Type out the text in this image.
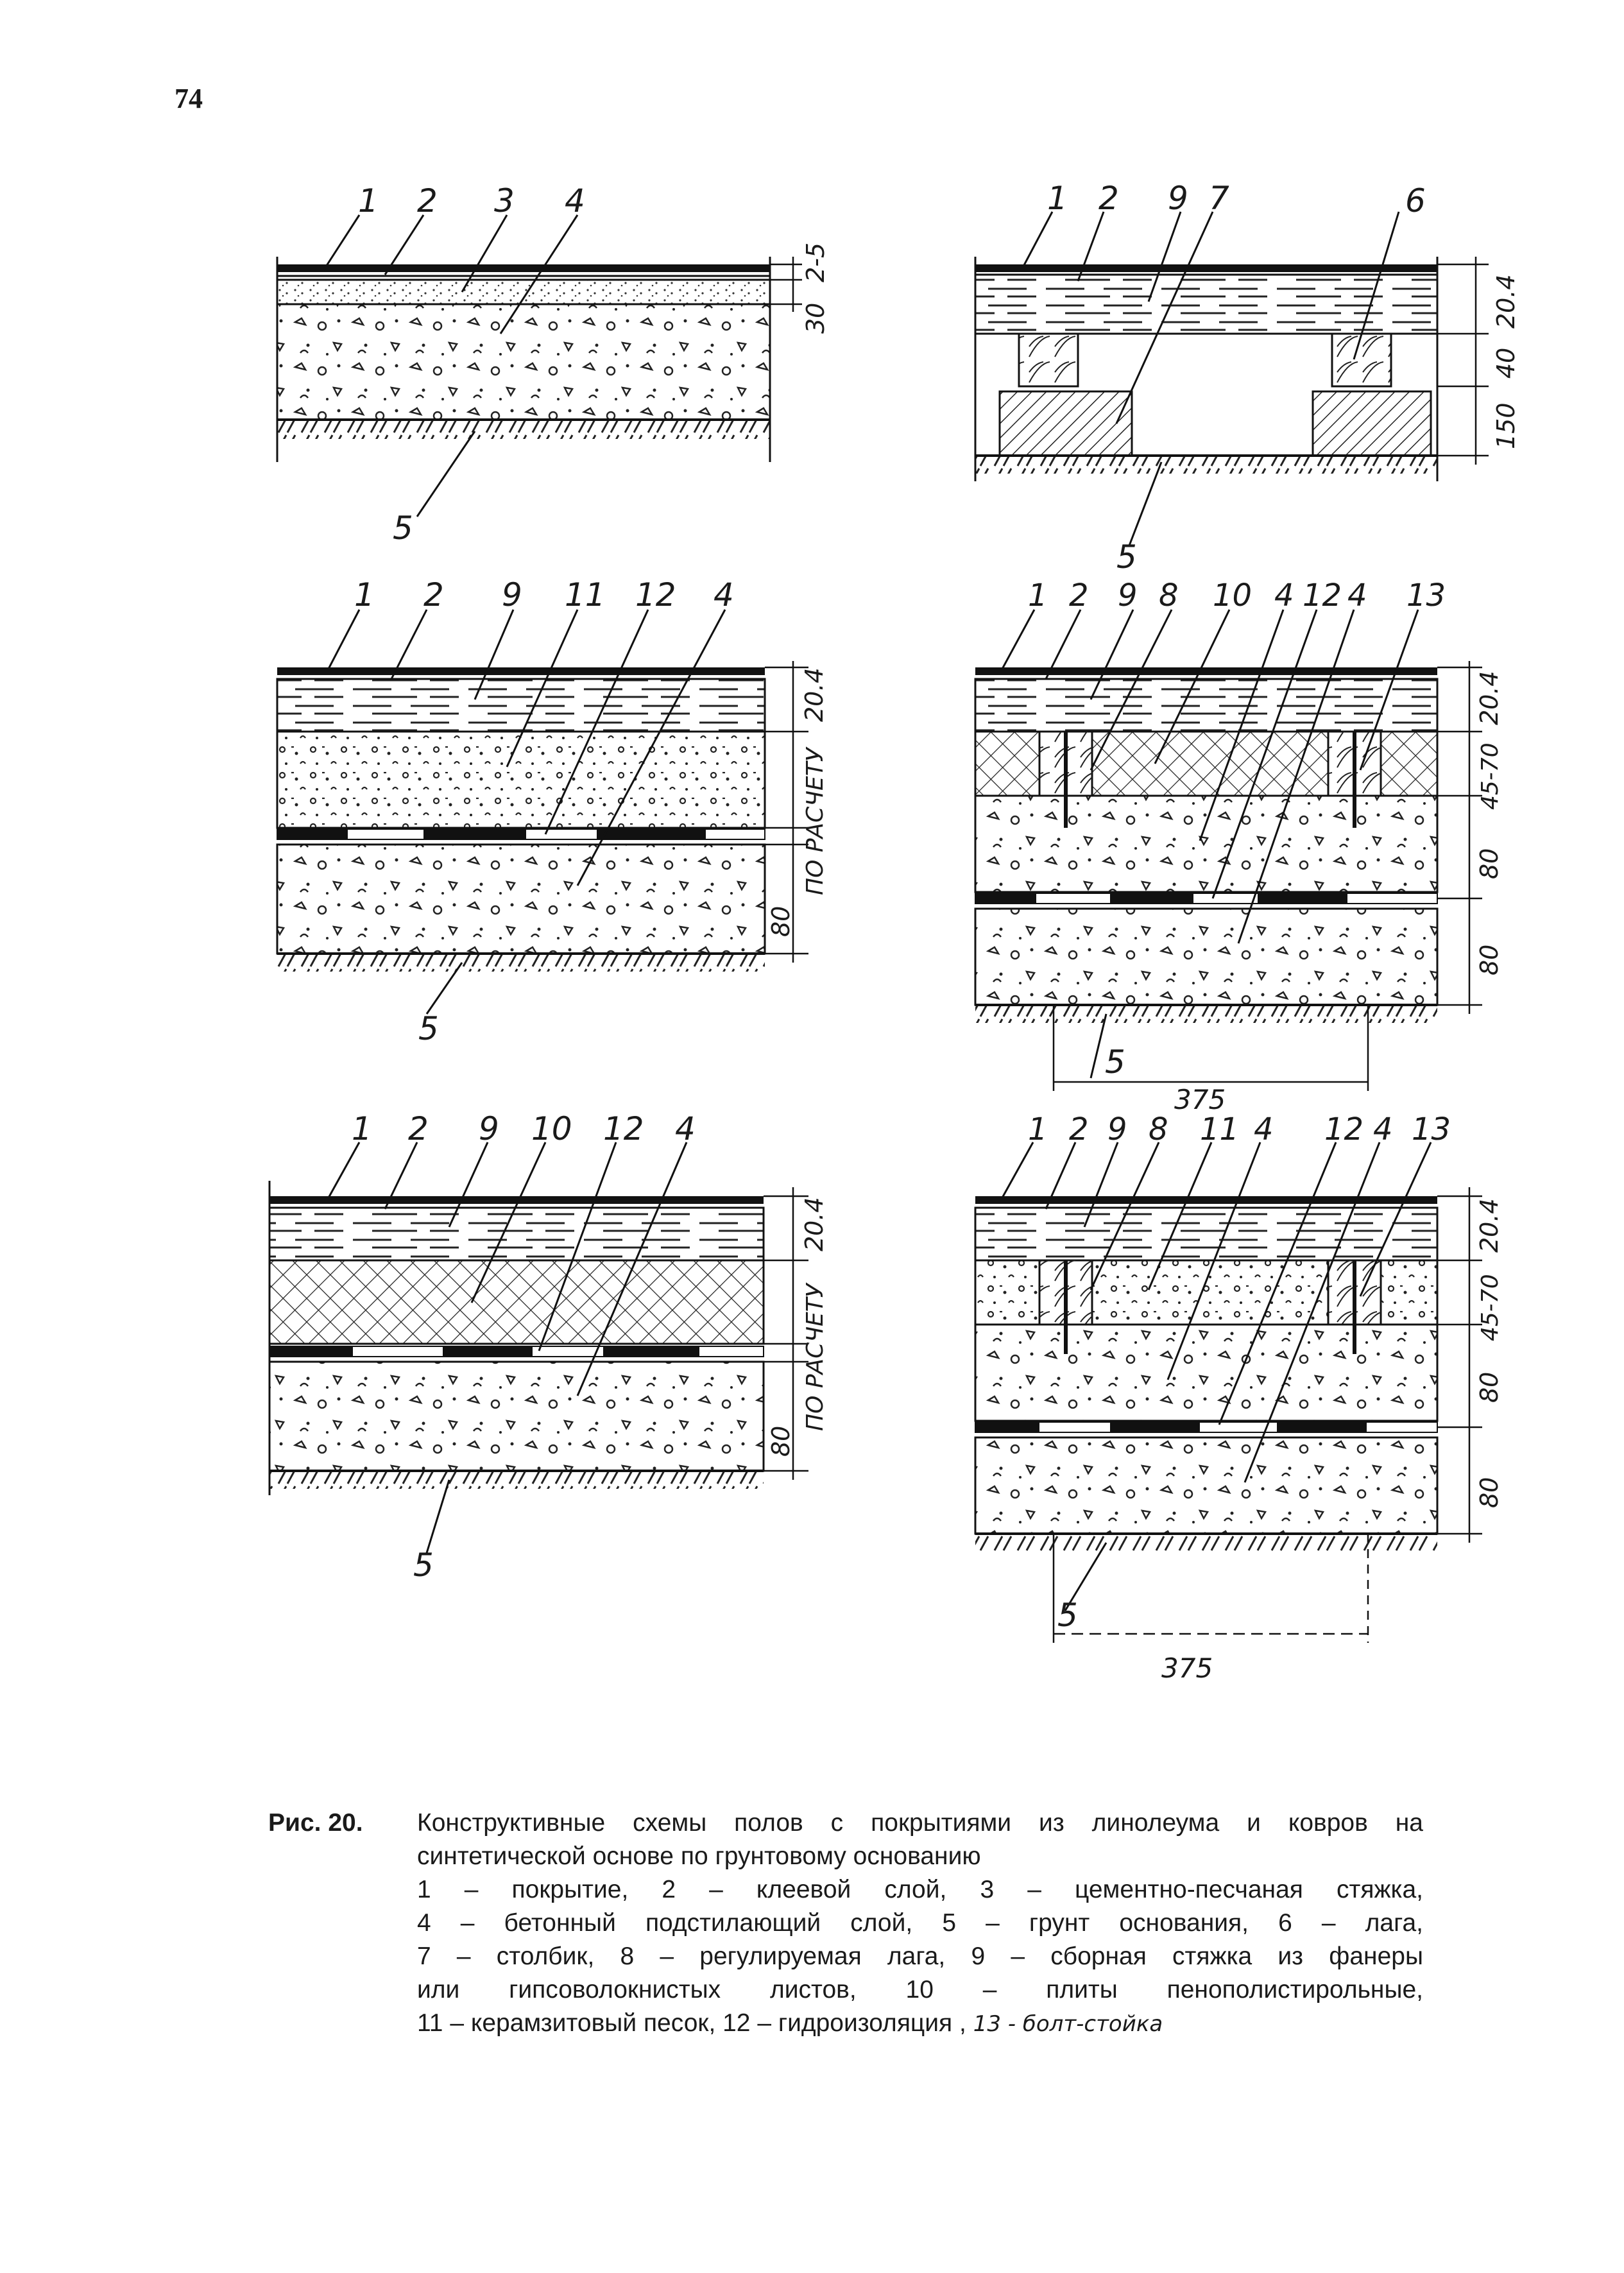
74
1 2 3 4
5
2-5
30
1 2 9 7	6
5
20.4
40
150
1 2 9 11 12 4
5
20.4
ПО РАСЧЕТУ
80
1 2 9 8 10 4 12 4 13
5
20.4
45-70
80
80
375
1 2 9 10 12 4
5
20.4
ПО РАСЧЕТУ
80
1 2 9 8 11 4 12 4 13
5
20.4
45-70
80
80
375
Рис. 20. Конструктивные схемы полов с покрытиями из линолеума и ковров на
синтетической основе по грунтовому основанию
1 – покрытие, 2 – клеевой слой, 3 – цементно-песчаная стяжка,
4 – бетонный подстилающий слой, 5 – грунт основания, 6 – лага,
7 – столбик, 8 – регулируемая лага, 9 – сборная стяжка из фанеры
или гипсоволокнистых листов, 10 – плиты пенополистирольные,
11 – керамзитовый песок, 12 – гидроизоляция , 13 - болт-стойка
